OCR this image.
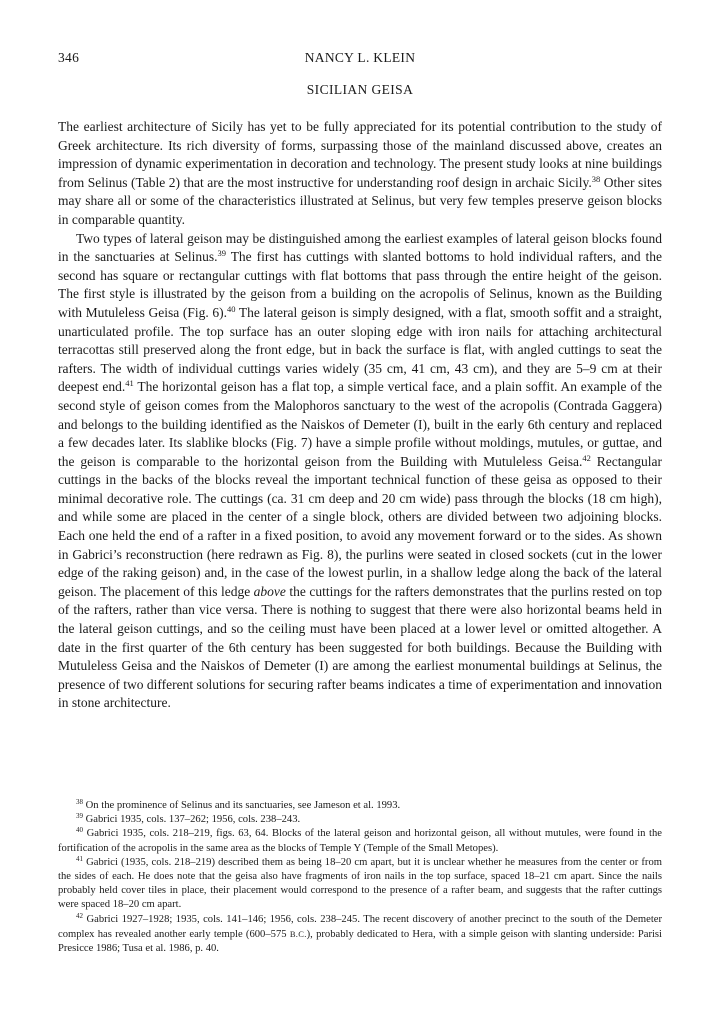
346	NANCY L. KLEIN
SICILIAN GEISA

The earliest architecture of Sicily has yet to be fully appreciated for its potential contribution to the study of Greek architecture. Its rich diversity of forms, surpassing those of the mainland discussed above, creates an impression of dynamic experimentation in decoration and technology. The present study looks at nine buildings from Selinus (Table 2) that are the most instructive for understanding roof design in archaic Sicily.$^{38}$ Other sites may share all or some of the characteristics illustrated at Selinus, but very few temples preserve geison blocks in comparable quantity.

Two types of lateral geison may be distinguished among the earliest examples of lateral geison blocks found in the sanctuaries at Selinus.$^{39}$ The first has cuttings with slanted bottoms to hold individual rafters, and the second has square or rectangular cuttings with flat bottoms that pass through the entire height of the geison. The first style is illustrated by the geison from a building on the acropolis of Selinus, known as the Building with Mutuleless Geisa (Fig. 6).$^{40}$ The lateral geison is simply designed, with a flat, smooth soffit and a straight, unarticulated profile. The top surface has an outer sloping edge with iron nails for attaching architectural terracottas still preserved along the front edge, but in back the surface is flat, with angled cuttings to seat the rafters. The width of individual cuttings varies widely (35 cm, 41 cm, 43 cm), and they are 5–9 cm at their deepest end.$^{41}$ The horizontal geison has a flat top, a simple vertical face, and a plain soffit. An example of the second style of geison comes from the Malophoros sanctuary to the west of the acropolis (Contrada Gaggera) and belongs to the building identified as the Naiskos of Demeter (I), built in the early 6th century and replaced a few decades later. Its slablike blocks (Fig. 7) have a simple profile without moldings, mutules, or guttae, and the geison is comparable to the horizontal geison from the Building with Mutuleless Geisa.$^{42}$ Rectangular cuttings in the backs of the blocks reveal the important technical function of these geisa as opposed to their minimal decorative role. The cuttings (ca. 31 cm deep and 20 cm wide) pass through the blocks (18 cm high), and while some are placed in the center of a single block, others are divided between two adjoining blocks. Each one held the end of a rafter in a fixed position, to avoid any movement forward or to the sides. As shown in Gabrici’s reconstruction (here redrawn as Fig. 8), the purlins were seated in closed sockets (cut in the lower edge of the raking geison) and, in the case of the lowest purlin, in a shallow ledge along the back of the lateral geison. The placement of this ledge above the cuttings for the rafters demonstrates that the purlins rested on top of the rafters, rather than vice versa. There is nothing to suggest that there were also horizontal beams held in the lateral geison cuttings, and so the ceiling must have been placed at a lower level or omitted altogether. A date in the first quarter of the 6th century has been suggested for both buildings. Because the Building with Mutuleless Geisa and the Naiskos of Demeter (I) are among the earliest monumental buildings at Selinus, the presence of two different solutions for securing rafter beams indicates a time of experimentation and innovation in stone architecture.

$^{38}$ On the prominence of Selinus and its sanctuaries, see Jameson et al. 1993.

$^{39}$ Gabrici 1935, cols. 137–262; 1956, cols. 238–243.

$^{40}$ Gabrici 1935, cols. 218–219, figs. 63, 64. Blocks of the lateral geison and horizontal geison, all without mutules, were found in the fortification of the acropolis in the same area as the blocks of Temple Y (Temple of the Small Metopes).

$^{41}$ Gabrici (1935, cols. 218–219) described them as being 18–20 cm apart, but it is unclear whether he measures from the center or from the sides of each. He does note that the geisa also have fragments of iron nails in the top surface, spaced 18–21 cm apart. Since the nails probably held cover tiles in place, their placement would correspond to the presence of a rafter beam, and suggests that the rafter cuttings were spaced 18–20 cm apart.

$^{42}$ Gabrici 1927–1928; 1935, cols. 141–146; 1956, cols. 238–245. The recent discovery of another precinct to the south of the Demeter complex has revealed another early temple (600–575 B.C.), probably dedicated to Hera, with a simple geison with slanting underside: Parisi Presicce 1986; Tusa et al. 1986, p. 40.
